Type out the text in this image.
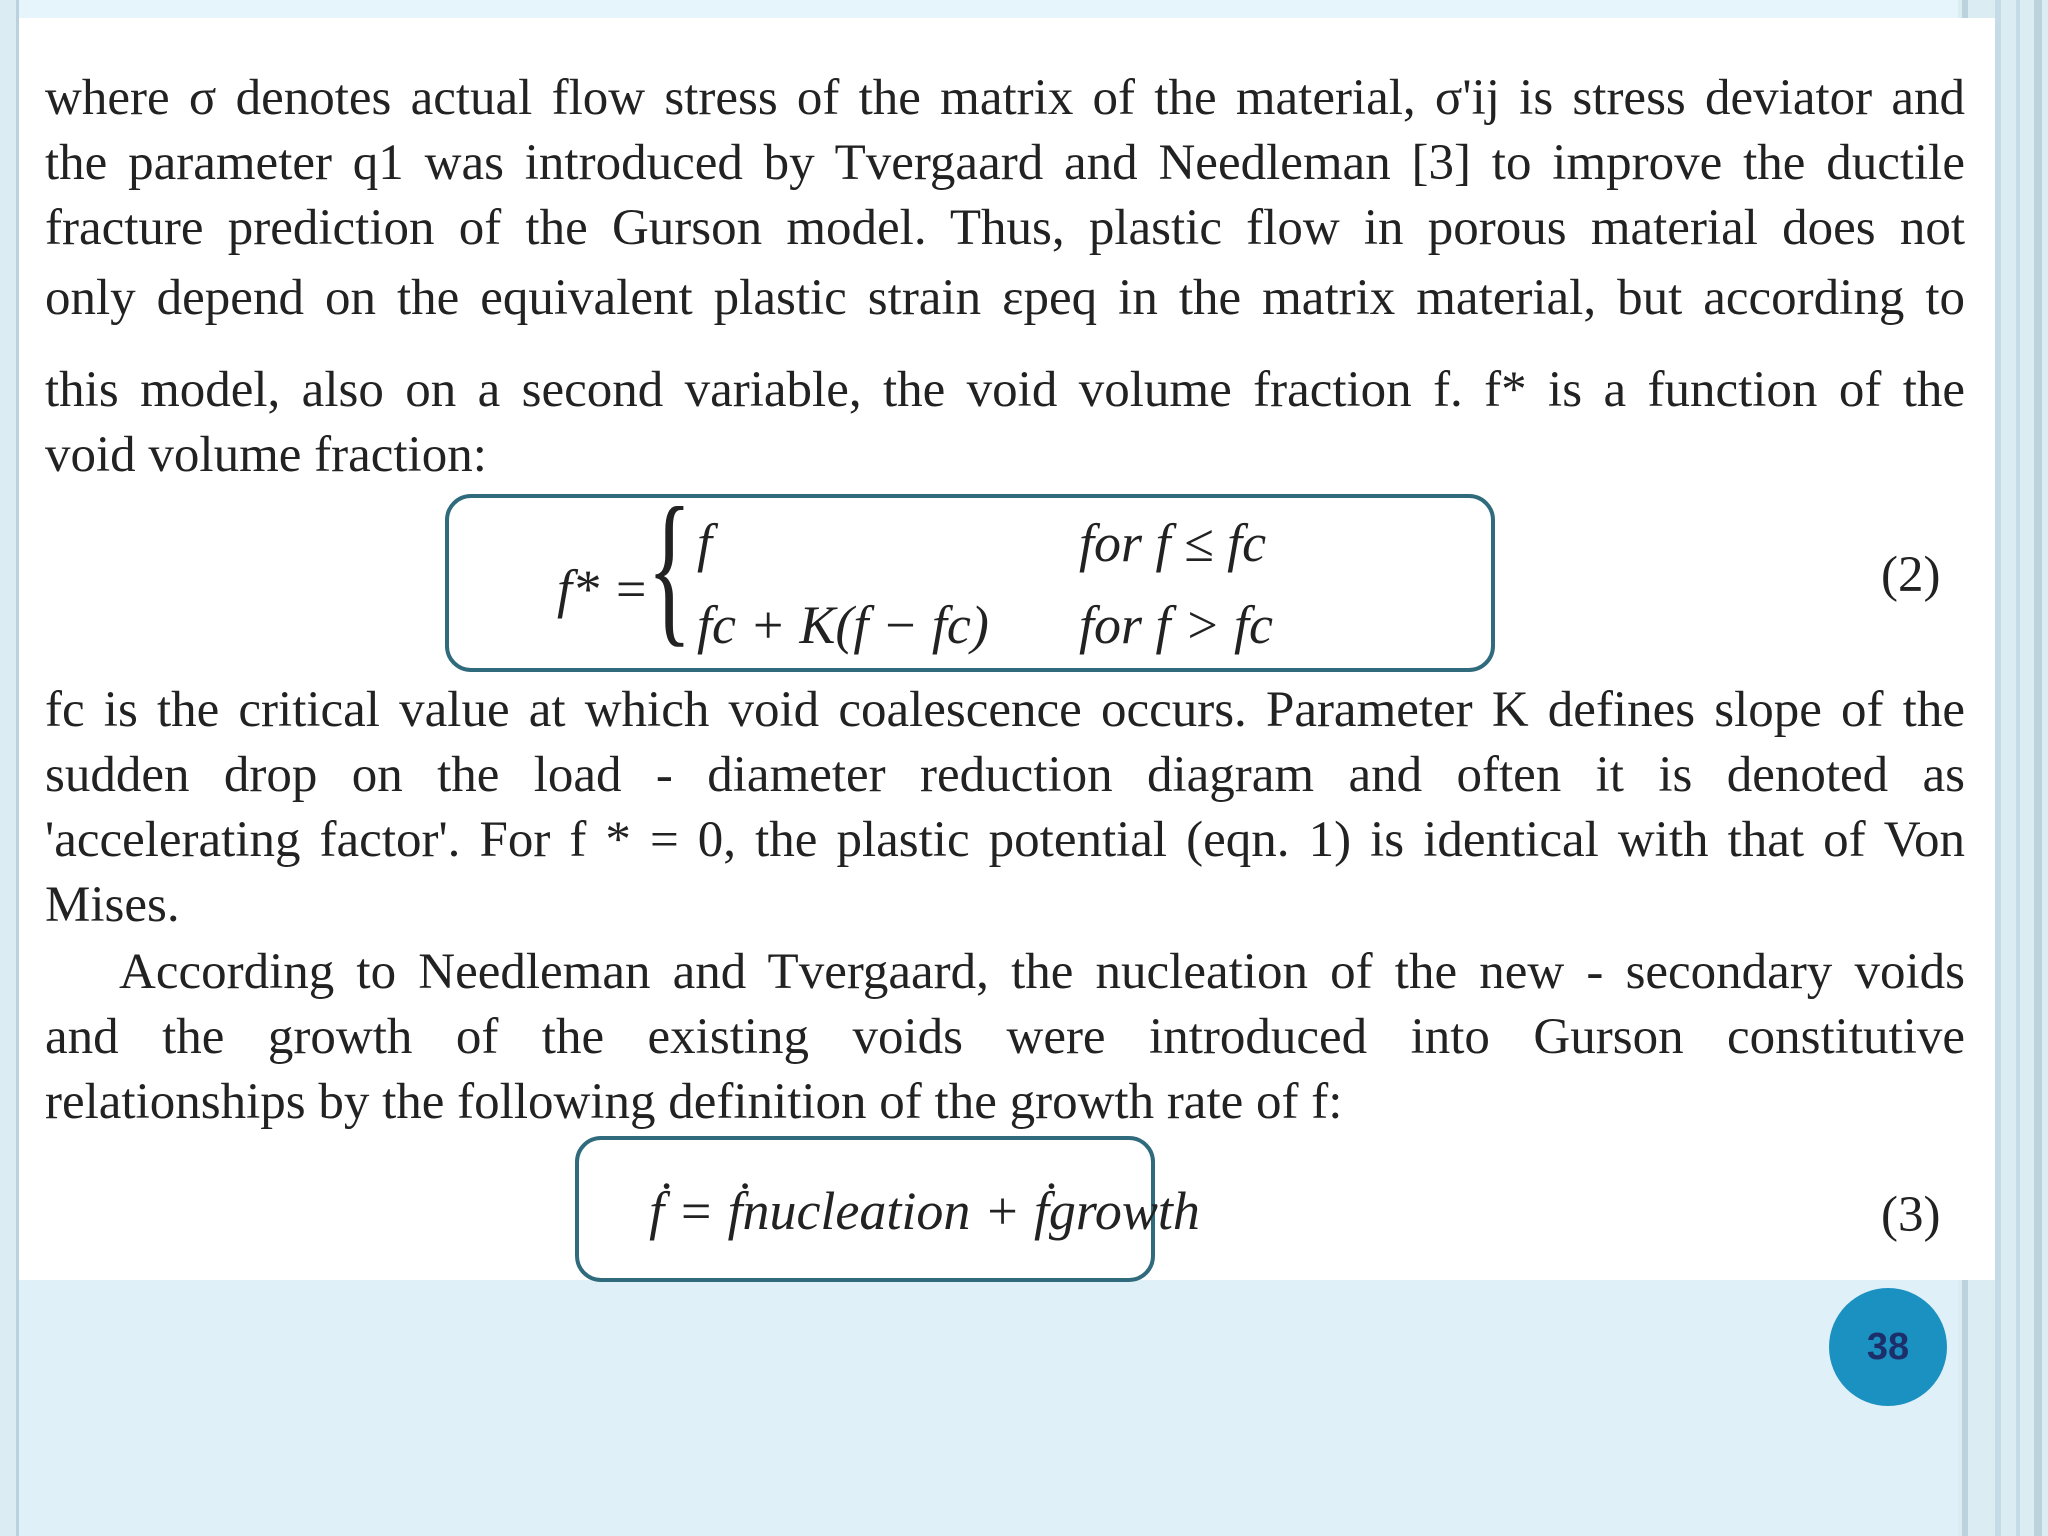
where σ denotes actual flow stress of the matrix of the material, σ'ij is stress deviator and
the parameter q1 was introduced by Tvergaard and Needleman [3] to improve the ductile
fracture prediction of the Gurson model. Thus, plastic flow in porous material does not
only depend on the equivalent plastic strain εpeq in the matrix material, but according to
this model, also on a second variable, the void volume fraction f. f* is a function of the
void volume fraction:
f* =
{ f	for f ≤ fc
fc + K(f − fc) for f > fc
(2)
fc is the critical value at which void coalescence occurs. Parameter K defines slope of the
sudden drop on the load - diameter reduction diagram and often it is denoted as
'accelerating factor'. For f * = 0, the plastic potential (eqn. 1) is identical with that of Von
Mises.
According to Needleman and Tvergaard, the nucleation of the new - secondary voids
and the growth of the existing voids were introduced into Gurson constitutive
relationships by the following definition of the growth rate of f:
ḟ = ḟnucleation + ḟgrowth	(3)
38
